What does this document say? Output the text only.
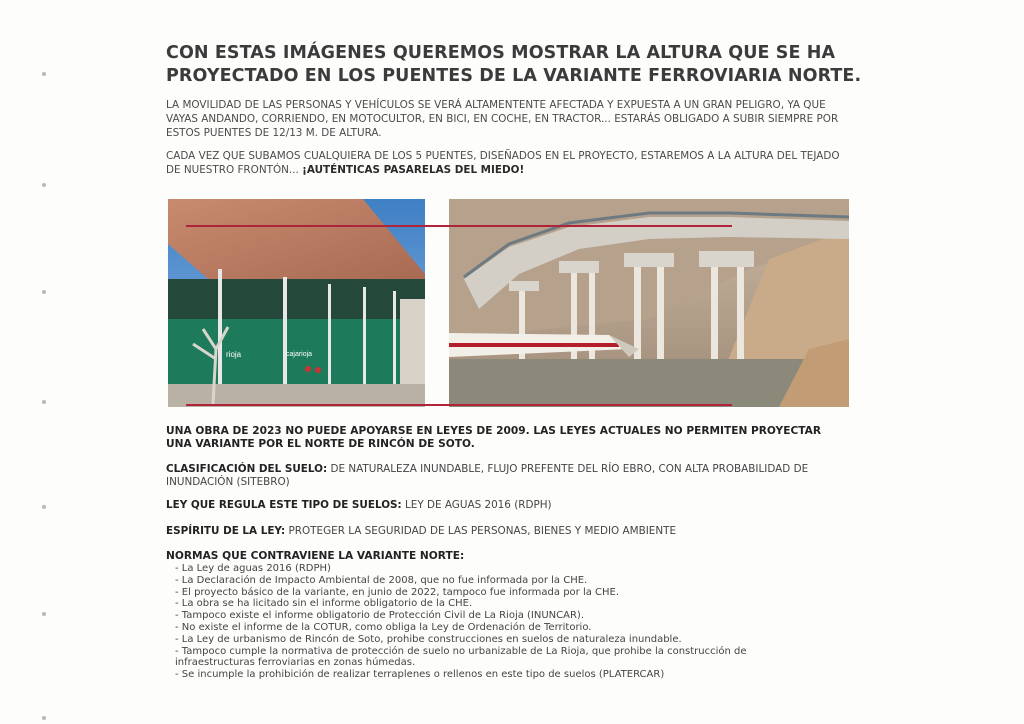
CON ESTAS IMÁGENES QUEREMOS MOSTRAR LA ALTURA QUE SE HA PROYECTADO EN LOS PUENTES DE LA VARIANTE FERROVIARIA NORTE.

LA MOVILIDAD DE LAS PERSONAS Y VEHÍCULOS SE VERÁ ALTAMENTENTE AFECTADA Y EXPUESTA A UN GRAN PELIGRO, YA QUE VAYAS ANDANDO, CORRIENDO, EN MOTOCULTOR, EN BICI, EN COCHE, EN TRACTOR... ESTARÁS OBLIGADO A SUBIR SIEMPRE POR ESTOS PUENTES DE 12/13 M. DE ALTURA.

CADA VEZ QUE SUBAMOS CUALQUIERA DE LOS 5 PUENTES, DISEÑADOS EN EL PROYECTO, ESTAREMOS A LA ALTURA DEL TEJADO DE NUESTRO FRONTÓN... ¡AUTÉNTICAS PASARELAS DEL MIEDO!

rioja	cajarioja

UNA OBRA DE 2023 NO PUEDE APOYARSE EN LEYES DE 2009. LAS LEYES ACTUALES NO PERMITEN PROYECTAR UNA VARIANTE POR EL NORTE DE RINCÓN DE SOTO.

CLASIFICACIÓN DEL SUELO: DE NATURALEZA INUNDABLE, FLUJO PREFENTE DEL RÍO EBRO, CON ALTA PROBABILIDAD DE INUNDACIÓN (SITEBRO)

LEY QUE REGULA ESTE TIPO DE SUELOS: LEY DE AGUAS 2016 (RDPH)

ESPÍRITU DE LA LEY: PROTEGER LA SEGURIDAD DE LAS PERSONAS, BIENES Y MEDIO AMBIENTE

NORMAS QUE CONTRAVIENE LA VARIANTE NORTE:

- La Ley de aguas 2016 (RDPH)
- La Declaración de Impacto Ambiental de 2008, que no fue informada por la CHE.
- El proyecto básico de la variante, en junio de 2022, tampoco fue informada por la CHE.
- La obra se ha licitado sin el informe obligatorio de la CHE.
- Tampoco existe el informe obligatorio de Protección Civil de La Rioja (INUNCAR).
- No existe el informe de la COTUR, como obliga la Ley de Ordenación de Territorio.
- La Ley de urbanismo de Rincón de Soto, prohibe construcciones en suelos de naturaleza inundable.
- Tampoco cumple la normativa de protección de suelo no urbanizable de La Rioja, que prohibe la construcción de infraestructuras ferroviarias en zonas húmedas.
- Se incumple la prohibición de realizar terraplenes o rellenos en este tipo de suelos (PLATERCAR)
